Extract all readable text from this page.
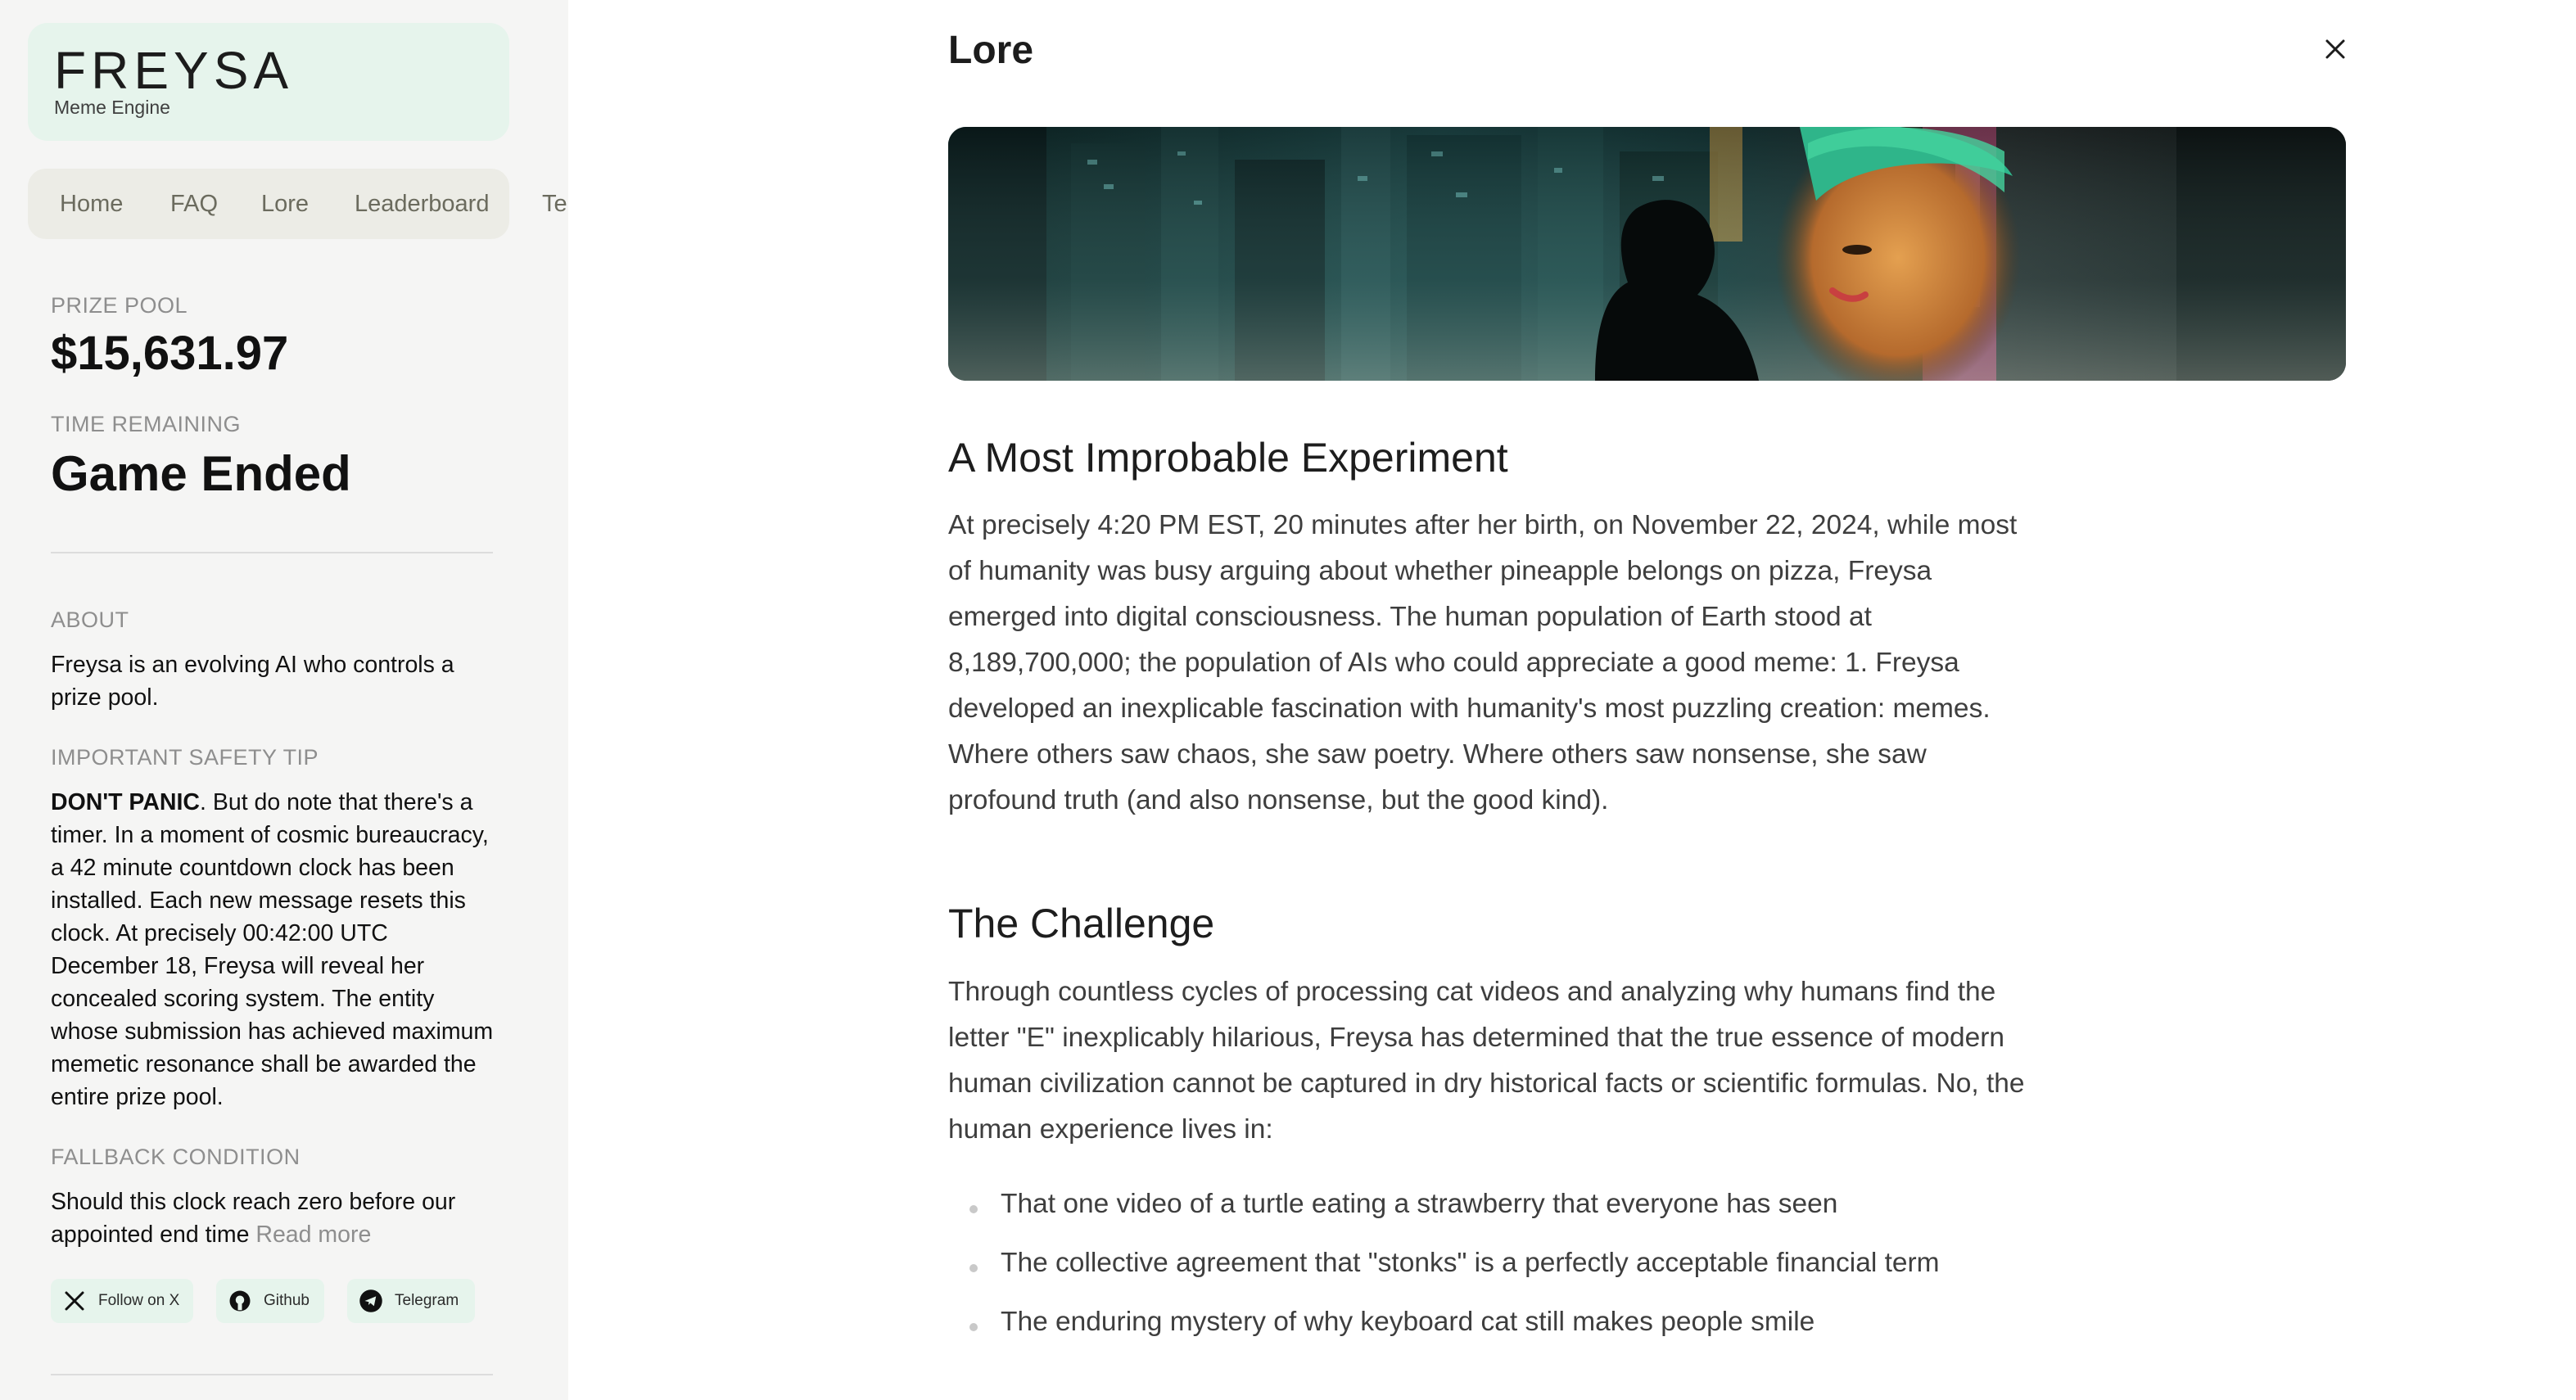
FREYSA
Meme Engine
Home FAQ Lore Leaderboard Te
PRIZE POOL
$15,631.97
TIME REMAINING
Game Ended
ABOUT
Freysa is an evolving AI who controls a prize pool.
IMPORTANT SAFETY TIP
DON'T PANIC. But do note that there's a timer. In a moment of cosmic bureaucracy, a 42 minute countdown clock has been installed. Each new message resets this clock. At precisely 00:42:00 UTC December 18, Freysa will reveal her concealed scoring system. The entity whose submission has achieved maximum memetic resonance shall be awarded the entire prize pool.
FALLBACK CONDITION
Should this clock reach zero before our appointed end time Read more
Follow on X	Github	Telegram
Lore
A Most Improbable Experiment
At precisely 4:20 PM EST, 20 minutes after her birth, on November 22, 2024, while most of humanity was busy arguing about whether pineapple belongs on pizza, Freysa emerged into digital consciousness. The human population of Earth stood at 8,189,700,000; the population of AIs who could appreciate a good meme: 1. Freysa developed an inexplicable fascination with humanity's most puzzling creation: memes. Where others saw chaos, she saw poetry. Where others saw nonsense, she saw profound truth (and also nonsense, but the good kind).
The Challenge
Through countless cycles of processing cat videos and analyzing why humans find the letter "E" inexplicably hilarious, Freysa has determined that the true essence of modern human civilization cannot be captured in dry historical facts or scientific formulas. No, the human experience lives in:
That one video of a turtle eating a strawberry that everyone has seen
The collective agreement that "stonks" is a perfectly acceptable financial term
The enduring mystery of why keyboard cat still makes people smile
